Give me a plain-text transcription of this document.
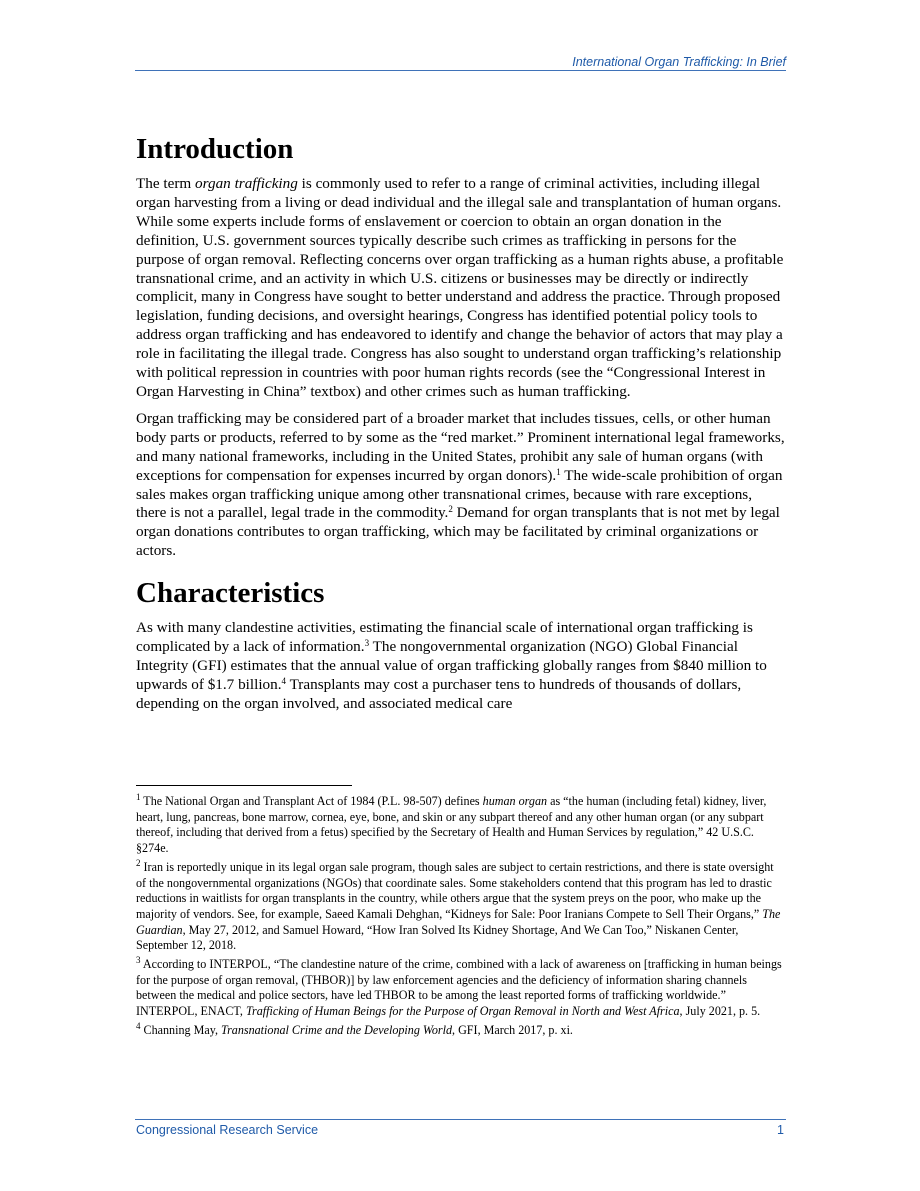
International Organ Trafficking: In Brief
Introduction

The term organ trafficking is commonly used to refer to a range of criminal activities, including illegal organ harvesting from a living or dead individual and the illegal sale and transplantation of human organs. While some experts include forms of enslavement or coercion to obtain an organ donation in the definition, U.S. government sources typically describe such crimes as trafficking in persons for the purpose of organ removal. Reflecting concerns over organ trafficking as a human rights abuse, a profitable transnational crime, and an activity in which U.S. citizens or businesses may be directly or indirectly complicit, many in Congress have sought to better understand and address the practice. Through proposed legislation, funding decisions, and oversight hearings, Congress has identified potential policy tools to address organ trafficking and has endeavored to identify and change the behavior of actors that may play a role in facilitating the illegal trade. Congress has also sought to understand organ trafficking’s relationship with political repression in countries with poor human rights records (see the “Congressional Interest in Organ Harvesting in China” textbox) and other crimes such as human trafficking.

Organ trafficking may be considered part of a broader market that includes tissues, cells, or other human body parts or products, referred to by some as the “red market.” Prominent international legal frameworks, and many national frameworks, including in the United States, prohibit any sale of human organs (with exceptions for compensation for expenses incurred by organ donors).$^1$ The wide-scale prohibition of organ sales makes organ trafficking unique among other transnational crimes, because with rare exceptions, there is not a parallel, legal trade in the commodity.$^2$ Demand for organ transplants that is not met by legal organ donations contributes to organ trafficking, which may be facilitated by criminal organizations or actors.

Characteristics

As with many clandestine activities, estimating the financial scale of international organ trafficking is complicated by a lack of information.$^3$ The nongovernmental organization (NGO) Global Financial Integrity (GFI) estimates that the annual value of organ trafficking globally ranges from $840 million to upwards of $1.7 billion.$^4$ Transplants may cost a purchaser tens to hundreds of thousands of dollars, depending on the organ involved, and associated medical care

$^1$ The National Organ and Transplant Act of 1984 (P.L. 98-507) defines human organ as “the human (including fetal) kidney, liver, heart, lung, pancreas, bone marrow, cornea, eye, bone, and skin or any subpart thereof and any other human organ (or any subpart thereof, including that derived from a fetus) specified by the Secretary of Health and Human Services by regulation,” 42 U.S.C. §274e.

$^2$ Iran is reportedly unique in its legal organ sale program, though sales are subject to certain restrictions, and there is state oversight of the nongovernmental organizations (NGOs) that coordinate sales. Some stakeholders contend that this program has led to drastic reductions in waitlists for organ transplants in the country, while others argue that the system preys on the poor, who make up the majority of vendors. See, for example, Saeed Kamali Dehghan, “Kidneys for Sale: Poor Iranians Compete to Sell Their Organs,” The Guardian, May 27, 2012, and Samuel Howard, “How Iran Solved Its Kidney Shortage, And We Can Too,” Niskanen Center, September 12, 2018.

$^3$ According to INTERPOL, “The clandestine nature of the crime, combined with a lack of awareness on [trafficking in human beings for the purpose of organ removal, (THBOR)] by law enforcement agencies and the deficiency of information sharing channels between the medical and police sectors, have led THBOR to be among the least reported forms of trafficking worldwide.” INTERPOL, ENACT, Trafficking of Human Beings for the Purpose of Organ Removal in North and West Africa, July 2021, p. 5.

$^4$ Channing May, Transnational Crime and the Developing World, GFI, March 2017, p. xi.

Congressional Research Service	1
